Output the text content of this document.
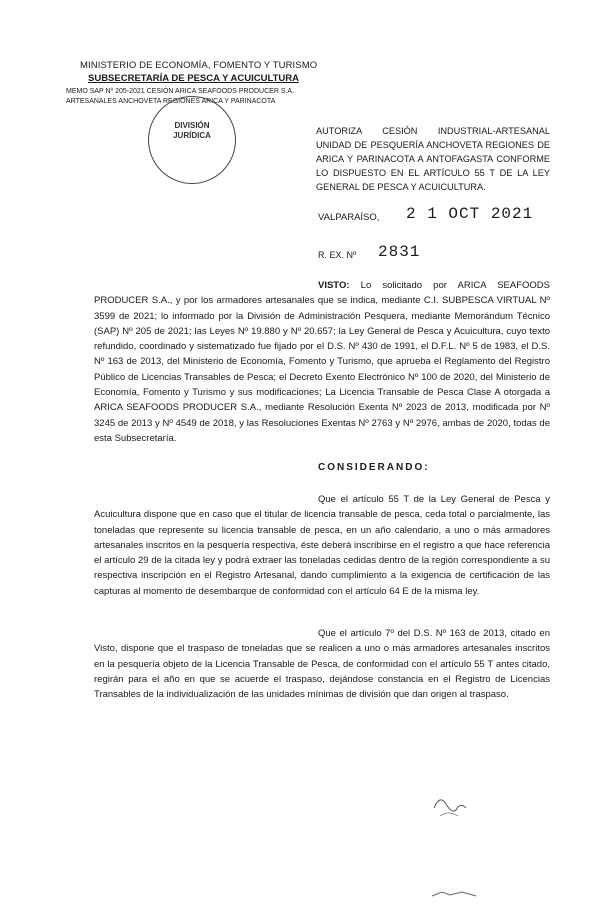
MINISTERIO DE ECONOMÍA, FOMENTO Y TURISMO
SUBSECRETARÍA DE PESCA Y ACUICULTURA
MEMO SAP Nº 205-2021 CESIÓN ARICA SEAFOODS PRODUCER S.A.
ARTESANALES ANCHOVETA REGIONES ARICA Y PARINACOTA
DIVISIÓN
JURÍDICA	AUTORIZA CESIÓN INDUSTRIAL-ARTESANAL UNIDAD DE PESQUERÍA ANCHOVETA REGIONES DE ARICA Y PARINACOTA A ANTOFAGASTA CONFORME LO DISPUESTO EN EL ARTÍCULO 55 T DE LA LEY GENERAL DE PESCA Y ACUICULTURA.
VALPARAÍSO, 2 1 OCT 2021
R. EX. Nº 2831
VISTO: Lo solicitado por ARICA SEAFOODS PRODUCER S.A., y por los armadores artesanales que se indica, mediante C.I. SUBPESCA VIRTUAL Nº 3599 de 2021; lo informado por la División de Administración Pesquera, mediante Memorándum Técnico (SAP) Nº 205 de 2021; las Leyes Nº 19.880 y Nº 20.657; la Ley General de Pesca y Acuicultura, cuyo texto refundido, coordinado y sistematizado fue fijado por el D.S. Nº 430 de 1991, el D.F.L. Nº 5 de 1983, el D.S. Nº 163 de 2013, del Ministerio de Economía, Fomento y Turismo, que aprueba el Reglamento del Registro Público de Licencias Transables de Pesca; el Decreto Exento Electrónico Nº 100 de 2020, del Ministerio de Economía, Fomento y Turismo y sus modificaciones; La Licencia Transable de Pesca Clase A otorgada a ARICA SEAFOODS PRODUCER S.A., mediante Resolución Exenta Nº 2023 de 2013, modificada por Nº 3245 de 2013 y Nº 4549 de 2018, y las Resoluciones Exentas Nº 2763 y Nº 2976, ambas de 2020, todas de esta Subsecretaría.
CONSIDERANDO:
Que el artículo 55 T de la Ley General de Pesca y Acuicultura dispone que en caso que el titular de licencia transable de pesca, ceda total o parcialmente, las toneladas que represente su licencia transable de pesca, en un año calendario, a uno o más armadores artesanales inscritos en la pesquería respectiva, éste deberá inscribirse en el registro a que hace referencia el artículo 29 de la citada ley y podrá extraer las toneladas cedidas dentro de la región correspondiente a su respectiva inscripción en el Registro Artesanal, dando cumplimiento a la exigencia de certificación de las capturas al momento de desembarque de conformidad con el artículo 64 E de la misma ley.
Que el artículo 7º del D.S. Nº 163 de 2013, citado en Visto, dispone que el traspaso de toneladas que se realicen a uno o más armadores artesanales inscritos en la pesquería objeto de la Licencia Transable de Pesca, de conformidad con el artículo 55 T antes citado, regirán para el año en que se acuerde el traspaso, dejándose constancia en el Registro de Licencias Transables de la individualización de las unidades mínimas de división que dan origen al traspaso.
